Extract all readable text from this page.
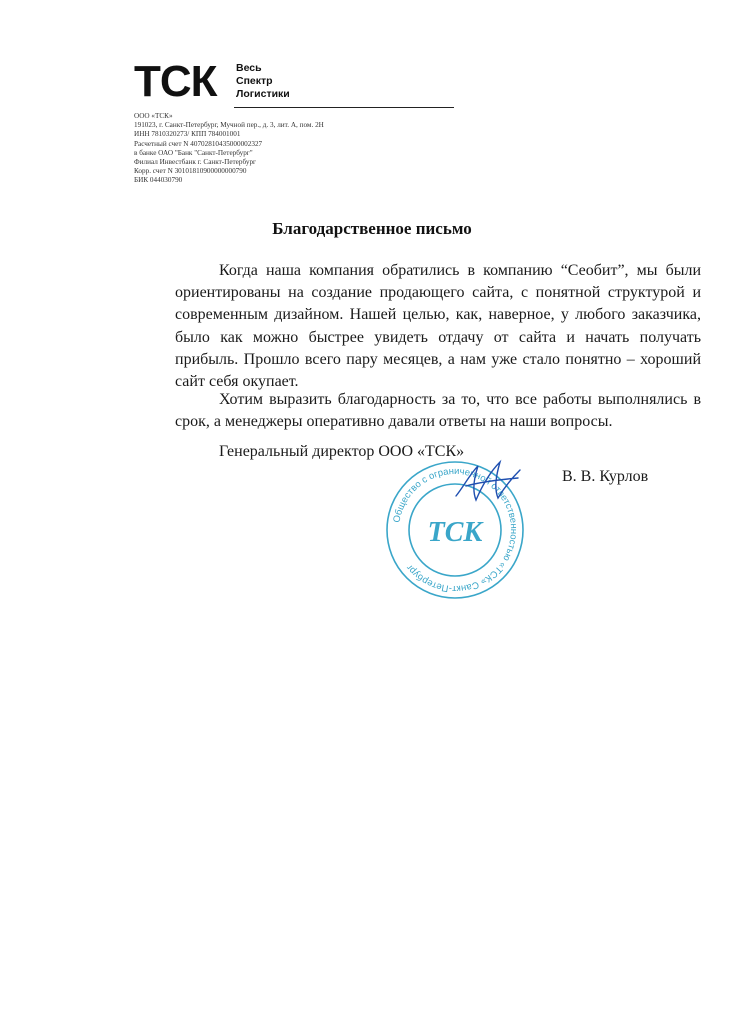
ТСК Весь
Спектр
Логистики
ООО «ТСК»
191023, г. Санкт-Петербург, Мучной пер., д. 3, лит. А, пом. 2Н
ИНН 7810320273/ КПП 784001001
Расчетный счет N 40702810435000002327
в банке ОАО "Банк "Санкт-Петербург"
Филиал Инвестбанк г. Санкт-Петербург
Корр. счет N 30101810900000000790
БИК 044030790
Благодарственное письмо
Когда наша компания обратились в компанию “Сеобит”, мы были
ориентированы на создание продающего сайта, с понятной структурой и
современным дизайном. Нашей целью, как, наверное, у любого заказчика,
было как можно быстрее увидеть отдачу от сайта и начать получать
прибыль. Прошло всего пару месяцев, а нам уже стало понятно – хороший
сайт себя окупает.
Хотим выразить благодарность за то, что все работы выполнялись в
срок, а менеджеры оперативно давали ответы на наши вопросы.
Общество с ограниченной ответственностью «ТСК» Санкт-Петербург
ТСК
Генеральный директор ООО «ТСК»
В. В. Курлов
